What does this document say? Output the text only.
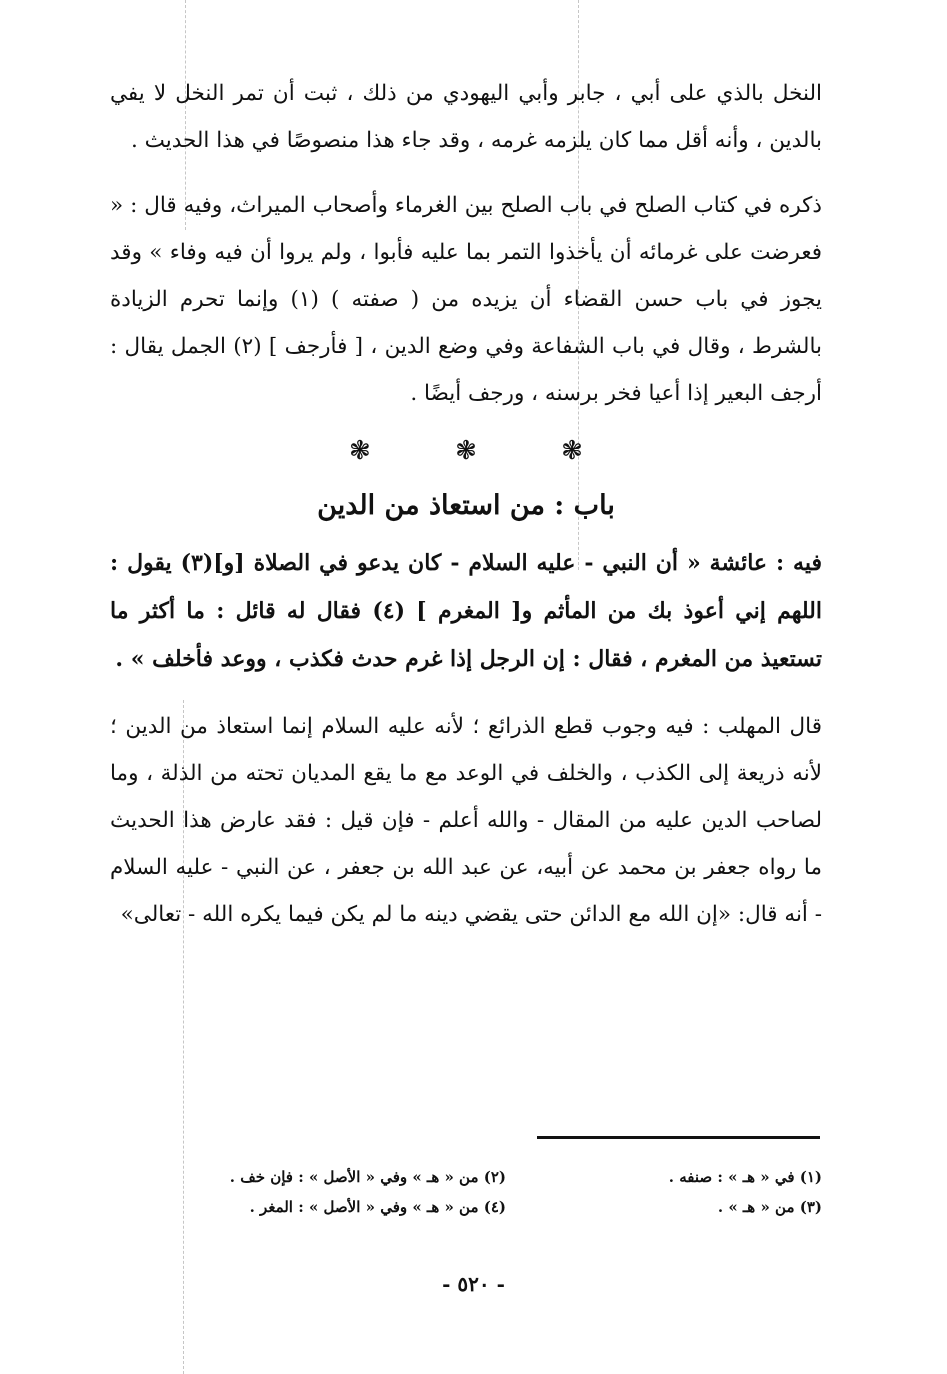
النخل بالذي على أبي ، جابر وأبي اليهودي من ذلك ، ثبت أن تمر النخل لا يفي بالدين ، وأنه أقل مما كان يلزمه غرمه ، وقد جاء هذا منصوصًا في هذا الحديث .

ذكره في كتاب الصلح في باب الصلح بين الغرماء وأصحاب الميراث، وفيه قال : « فعرضت على غرمائه أن يأخذوا التمر بما عليه فأبوا ، ولم يروا أن فيه وفاء » وقد يجوز في باب حسن القضاء أن يزيده من ( صفته ) (١) وإنما تحرم الزيادة بالشرط ، وقال في باب الشفاعة وفي وضع الدين ، [ فأرجف ] (٢) الجمل يقال : أرجف البعير إذا أعيا فخر برسنه ، ورجف أيضًا .

❃	❃	❃
باب : من استعاذ من الدين

فيه : عائشة « أن النبي - عليه السلام - كان يدعو في الصلاة [و](٣) يقول : اللهم إني أعوذ بك من المأثم و[ المغرم ] (٤) فقال له قائل : ما أكثر ما تستعيذ من المغرم ، فقال : إن الرجل إذا غرم حدث فكذب ، ووعد فأخلف » .

قال المهلب : فيه وجوب قطع الذرائع ؛ لأنه عليه السلام إنما استعاذ من الدين ؛ لأنه ذريعة إلى الكذب ، والخلف في الوعد مع ما يقع المديان تحته من الذلة ، وما لصاحب الدين عليه من المقال - والله أعلم - فإن قيل : فقد عارض هذا الحديث ما رواه جعفر بن محمد عن أبيه، عن عبد الله بن جعفر ، عن النبي - عليه السلام - أنه قال: «إن الله مع الدائن حتى يقضي دينه ما لم يكن فيما يكره الله - تعالى»

(١) في « هـ » : صنفه .
(٢) من « هـ » وفي « الأصل » : فإن خف .
(٣) من « هـ » .
(٤) من « هـ » وفي « الأصل » : المغر .
- ٥٢٠ -
